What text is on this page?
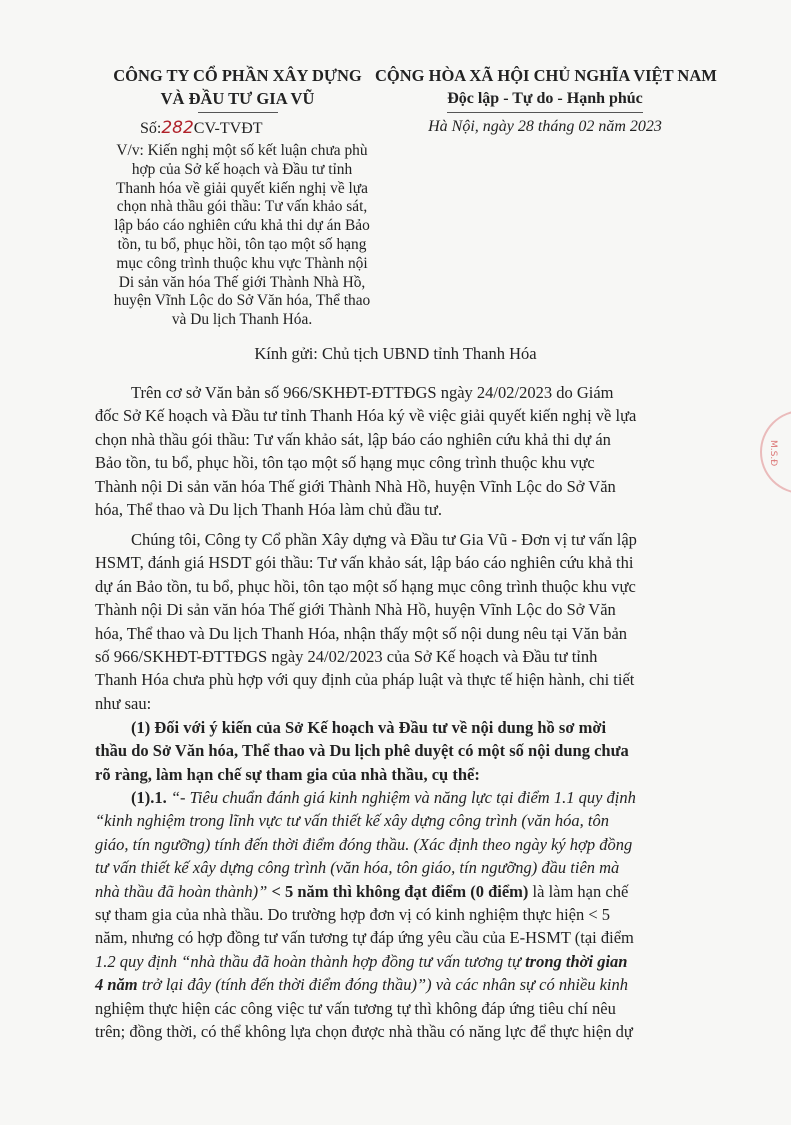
CÔNG TY CỔ PHẦN XÂY DỰNG
VÀ ĐẦU TƯ GIA VŨ
CỘNG HÒA XÃ HỘI CHỦ NGHĨA VIỆT NAM
Độc lập - Tự do - Hạnh phúc
Số:282CV-TVĐT	Hà Nội, ngày 28 tháng 02 năm 2023
V/v: Kiến nghị một số kết luận chưa phù
hợp của Sở kế hoạch và Đầu tư tỉnh
Thanh hóa về giải quyết kiến nghị về lựa
chọn nhà thầu gói thầu: Tư vấn khảo sát,
lập báo cáo nghiên cứu khả thi dự án Bảo
tồn, tu bổ, phục hồi, tôn tạo một số hạng
mục công trình thuộc khu vực Thành nội
Di sản văn hóa Thế giới Thành Nhà Hồ,
huyện Vĩnh Lộc do Sở Văn hóa, Thể thao
và Du lịch Thanh Hóa.
Kính gửi: Chủ tịch UBND tỉnh Thanh Hóa
Trên cơ sở Văn bản số 966/SKHĐT-ĐTTĐGS ngày 24/02/2023 do Giám
đốc Sở Kế hoạch và Đầu tư tỉnh Thanh Hóa ký về việc giải quyết kiến nghị về lựa
chọn nhà thầu gói thầu: Tư vấn khảo sát, lập báo cáo nghiên cứu khả thi dự án
Bảo tồn, tu bổ, phục hồi, tôn tạo một số hạng mục công trình thuộc khu vực
Thành nội Di sản văn hóa Thế giới Thành Nhà Hồ, huyện Vĩnh Lộc do Sở Văn
hóa, Thể thao và Du lịch Thanh Hóa làm chủ đầu tư.
Chúng tôi, Công ty Cổ phần Xây dựng và Đầu tư Gia Vũ - Đơn vị tư vấn lập
HSMT, đánh giá HSDT gói thầu: Tư vấn khảo sát, lập báo cáo nghiên cứu khả thi
dự án Bảo tồn, tu bổ, phục hồi, tôn tạo một số hạng mục công trình thuộc khu vực
Thành nội Di sản văn hóa Thế giới Thành Nhà Hồ, huyện Vĩnh Lộc do Sở Văn
hóa, Thể thao và Du lịch Thanh Hóa, nhận thấy một số nội dung nêu tại Văn bản
số 966/SKHĐT-ĐTTĐGS ngày 24/02/2023 của Sở Kế hoạch và Đầu tư tỉnh
Thanh Hóa chưa phù hợp với quy định của pháp luật và thực tế hiện hành, chi tiết
như sau:
(1) Đối với ý kiến của Sở Kế hoạch và Đầu tư về nội dung hồ sơ mời
thầu do Sở Văn hóa, Thể thao và Du lịch phê duyệt có một số nội dung chưa
rõ ràng, làm hạn chế sự tham gia của nhà thầu, cụ thể:
(1).1. “- Tiêu chuẩn đánh giá kinh nghiệm và năng lực tại điểm 1.1 quy định
“kinh nghiệm trong lĩnh vực tư vấn thiết kế xây dựng công trình (văn hóa, tôn
giáo, tín ngưỡng) tính đến thời điểm đóng thầu. (Xác định theo ngày ký hợp đồng
tư vấn thiết kế xây dựng công trình (văn hóa, tôn giáo, tín ngưỡng) đầu tiên mà
nhà thầu đã hoàn thành)” < 5 năm thì không đạt điểm (0 điểm) là làm hạn chế
sự tham gia của nhà thầu. Do trường hợp đơn vị có kinh nghiệm thực hiện < 5
năm, nhưng có hợp đồng tư vấn tương tự đáp ứng yêu cầu của E-HSMT (tại điểm
1.2 quy định “nhà thầu đã hoàn thành hợp đồng tư vấn tương tự trong thời gian
4 năm trở lại đây (tính đến thời điểm đóng thầu)”) và các nhân sự có nhiều kinh
nghiệm thực hiện các công việc tư vấn tương tự thì không đáp ứng tiêu chí nêu
trên; đồng thời, có thể không lựa chọn được nhà thầu có năng lực để thực hiện dự
M.S.Đ
